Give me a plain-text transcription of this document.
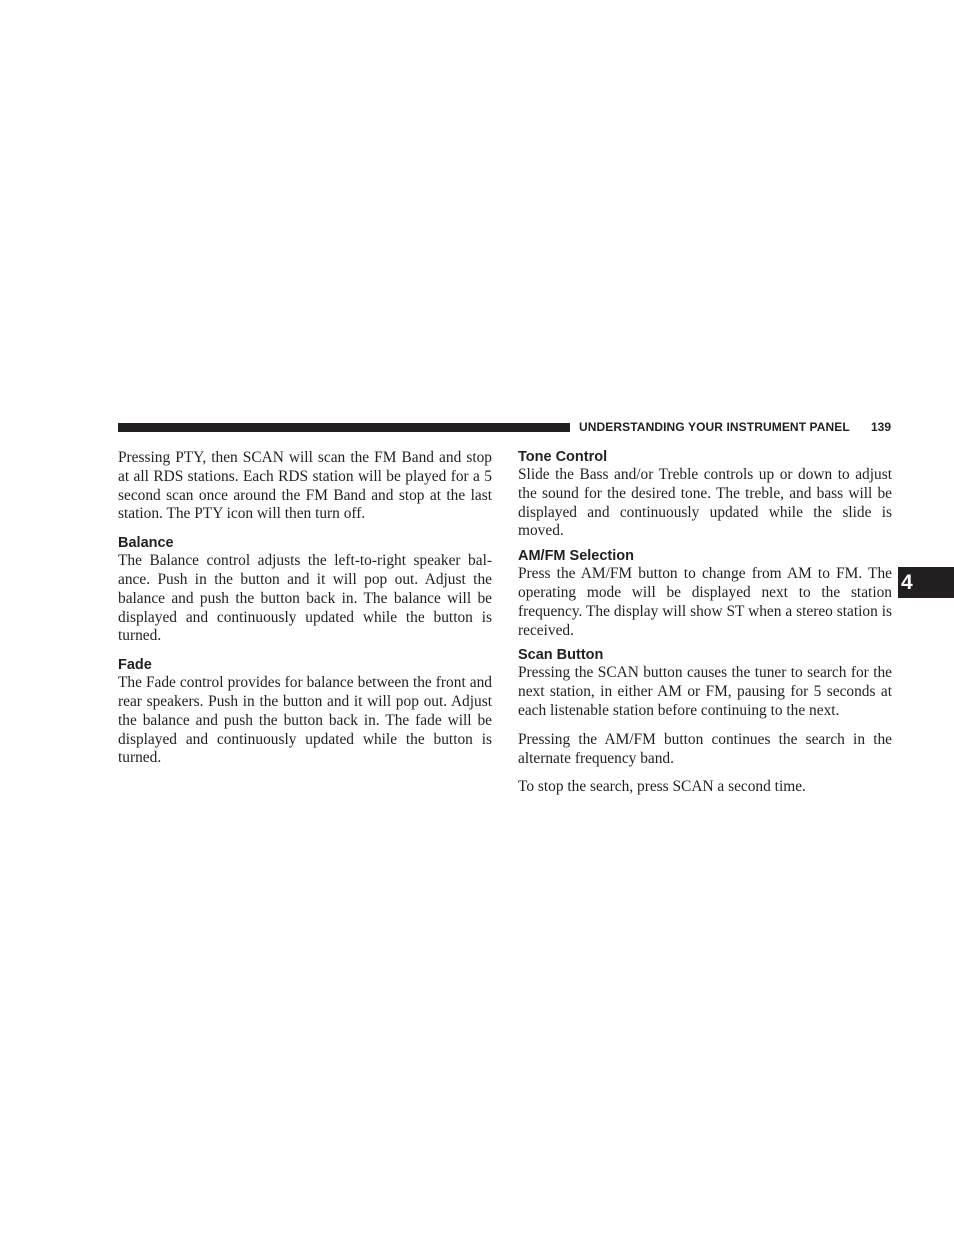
UNDERSTANDING YOUR INSTRUMENT PANEL 139
4

Pressing PTY, then SCAN will scan the FM Band and stop at all RDS stations. Each RDS station will be played for a 5 second scan once around the FM Band and stop at the last station. The PTY icon will then turn off.

Balance

The Balance control adjusts the left-to-right speaker balance. Push in the button and it will pop out. Adjust the balance and push the button back in. The balance will be displayed and continuously updated while the button is turned.

Fade

The Fade control provides for balance between the front and rear speakers. Push in the button and it will pop out. Adjust the balance and push the button back in. The fade will be displayed and continuously updated while the button is turned.

Tone Control

Slide the Bass and/or Treble controls up or down to adjust the sound for the desired tone. The treble, and bass will be displayed and continuously updated while the slide is moved.

AM/FM Selection

Press the AM/FM button to change from AM to FM. The operating mode will be displayed next to the station frequency. The display will show ST when a stereo station is received.

Scan Button

Pressing the SCAN button causes the tuner to search for the next station, in either AM or FM, pausing for 5 seconds at each listenable station before continuing to the next.

Pressing the AM/FM button continues the search in the alternate frequency band.

To stop the search, press SCAN a second time.
